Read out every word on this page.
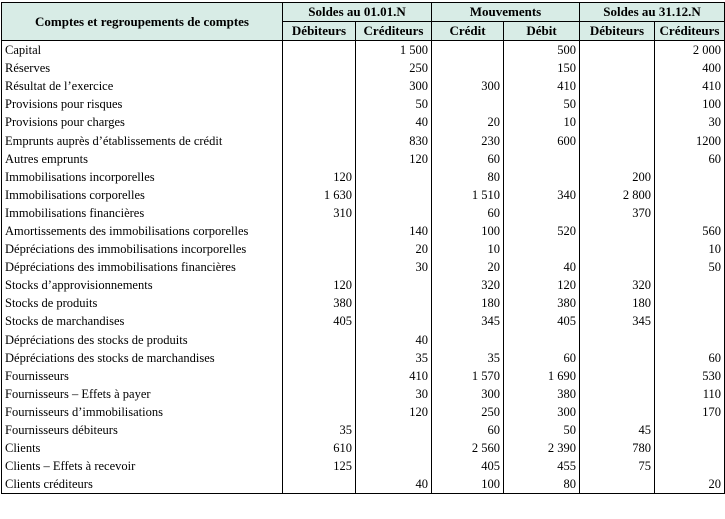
Comptes et regroupements de comptes	Soldes au 01.01.N		Mouvements		Soldes au 31.12.N	
	Débiteurs	Créditeurs	Crédit	Débit	Débiteurs	Créditeurs
Capital		1 500		500		2 000
Réserves		250		150		400
Résultat de l’exercice		300	300	410		410
Provisions pour risques		50		50		100
Provisions pour charges		40	20	10		30
Emprunts auprès d’établissements de crédit		830	230	600		1200
Autres emprunts		120	60			60
Immobilisations incorporelles	120		80		200	
Immobilisations corporelles	1 630		1 510	340	2 800	
Immobilisations financières	310		60		370	
Amortissements des immobilisations corporelles		140	100	520		560
Dépréciations des immobilisations incorporelles		20	10			10
Dépréciations des immobilisations financières		30	20	40		50
Stocks d’approvisionnements	120		320	120	320	
Stocks de produits	380		180	380	180	
Stocks de marchandises	405		345	405	345	
Dépréciations des stocks de produits		40				
Dépréciations des stocks de marchandises		35	35	60		60
Fournisseurs		410	1 570	1 690		530
Fournisseurs – Effets à payer		30	300	380		110
Fournisseurs d’immobilisations		120	250	300		170
Fournisseurs débiteurs	35		60	50	45	
Clients	610		2 560	2 390	780	
Clients – Effets à recevoir	125		405	455	75	
Clients créditeurs		40	100	80		20
